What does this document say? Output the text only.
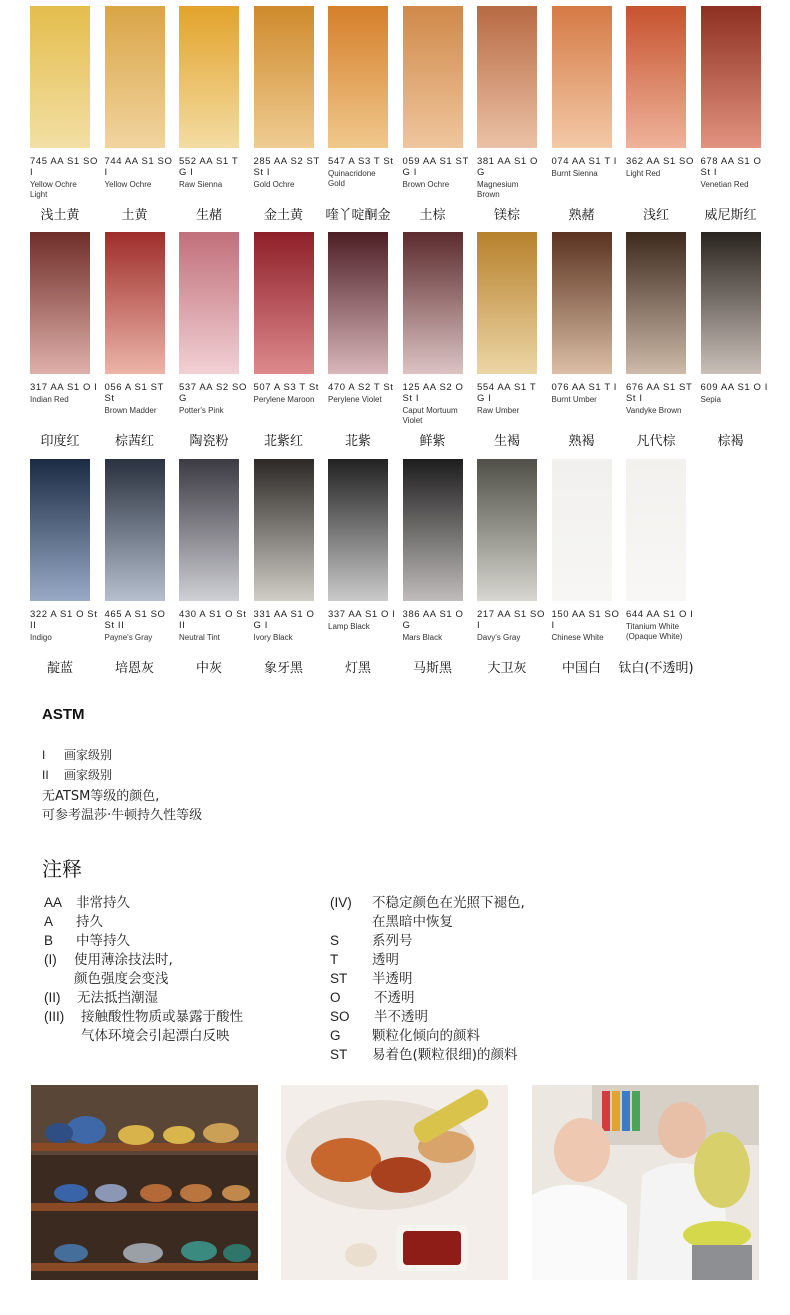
745 AA S1 SO I
Yellow Ochre Light
浅土黄
744 AA S1 SO I
Yellow Ochre
土黄
552 AA S1 T G I
Raw Sienna
生赭
285 AA S2 ST St I
Gold Ochre
金土黄
547 A S3 T St
Quinacridone Gold
喹丫啶酮金
059 AA S1 ST G I
Brown Ochre
土棕
381 AA S1 O G
Magnesium Brown
镁棕
074 AA S1 T I
Burnt Sienna
熟赭
362 AA S1 SO
Light Red
浅红
678 AA S1 O St I
Venetian Red
威尼斯红
317 AA S1 O I
Indian Red
印度红
056 A S1 ST St
Brown Madder
棕茜红
537 AA S2 SO G
Potter's Pink
陶瓷粉
507 A S3 T St
Perylene Maroon
苝紫红
470 A S2 T St
Perylene Violet
苝紫
125 AA S2 O St I
Caput Mortuum Violet
鲜紫
554 AA S1 T G I
Raw Umber
生褐
076 AA S1 T I
Burnt Umber
熟褐
676 AA S1 ST St I
Vandyke Brown
凡代棕
609 AA S1 O I
Sepia
棕褐
322 A S1 O St II
Indigo
靛蓝
465 A S1 SO St II
Payne's Gray
培恩灰
430 A S1 O St II
Neutral Tint
中灰
331 AA S1 O G I
Ivory Black
象牙黑
337 AA S1 O I
Lamp Black
灯黑
386 AA S1 O G
Mars Black
马斯黑
217 AA S1 SO I
Davy's Gray
大卫灰
150 AA S1 SO I
Chinese White
中国白
644 AA S1 O I
Titanium White (Opaque White)
钛白(不透明)
ASTM
I 画家级别
II 画家级别
无ATSM等级的颜色,
可参考温莎·牛顿持久性等级
注释
AA 非常持久
A 持久
B 中等持久
(I) 使用薄涂技法时,
颜色强度会变浅
(II) 无法抵挡潮湿
(III) 接触酸性物质或暴露于酸性
气体环境会引起漂白反映
(IV) 不稳定颜色在光照下褪色,
在黑暗中恢复
S 系列号
T	透明
ST 半透明
O 不透明
SO 半不透明
G 颗粒化倾向的颜料
ST 易着色(颗粒很细)的颜料
